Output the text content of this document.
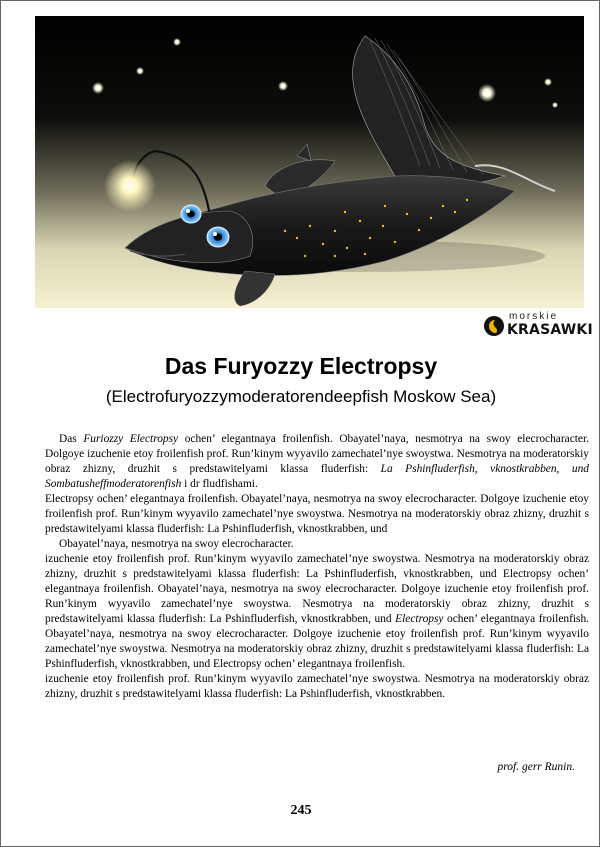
morskie
KRASAWKI
Das Furyozzy Electropsy
(Electrofuryozzymoderatorendeepfish Moskow Sea)

Das Furiozzy Electropsy ochen’ elegantnaya froilenfish. Obayatel’naya, nesmotrya na swoy elecrocharacter. Dolgoye izuchenie etoy froilenfish prof. Run’kinym wyyavilo zamechatel’nye swoystwa. Nesmotrya na moderatorskiy obraz zhizny, druzhit s predstawitelyami klassa fluderfish: La Pshinfluderfish, vknostkrabben, und Sombatusheffmoderatorenfish i dr fludfishami.

Electropsy ochen’ elegantnaya froilenfish. Obayatel’naya, nesmotrya na swoy elecrocharacter. Dolgoye izuchenie etoy froilenfish prof. Run’kinym wyyavilo zamechatel’nye swoystwa. Nesmotrya na moderatorskiy obraz zhizny, druzhit s predstawitelyami klassa fluderfish: La Pshinfluderfish, vknostkrabben, und

Obayatel’naya, nesmotrya na swoy elecrocharacter.

izuchenie etoy froilenfish prof. Run’kinym wyyavilo zamechatel’nye swoystwa. Nesmotrya na moderatorskiy obraz zhizny, druzhit s predstawitelyami klassa fluderfish: La Pshinfluderfish, vknostkrabben, und Electropsy ochen’ elegantnaya froilenfish. Obayatel’naya, nesmotrya na swoy elecrocharacter. Dolgoye izuchenie etoy froilenfish prof. Run’kinym wyyavilo zamechatel’nye swoystwa. Nesmotrya na moderatorskiy obraz zhizny, druzhit s predstawitelyami klassa fluderfish: La Pshinfluderfish, vknostkrabben, und Electropsy ochen’ elegantnaya froilenfish. Obayatel’naya, nesmotrya na swoy elecrocharacter. Dolgoye izuchenie etoy froilenfish prof. Run’kinym wyyavilo zamechatel’nye swoystwa. Nesmotrya na moderatorskiy obraz zhizny, druzhit s predstawitelyami klassa fluderfish: La Pshinfluderfish, vknostkrabben, und Electropsy ochen’ elegantnaya froilenfish.

izuchenie etoy froilenfish prof. Run’kinym wyyavilo zamechatel’nye swoystwa. Nesmotrya na moderatorskiy obraz zhizny, druzhit s predstawitelyami klassa fluderfish: La Pshinfluderfish, vknostkrabben.

prof. gerr Runin.
245
